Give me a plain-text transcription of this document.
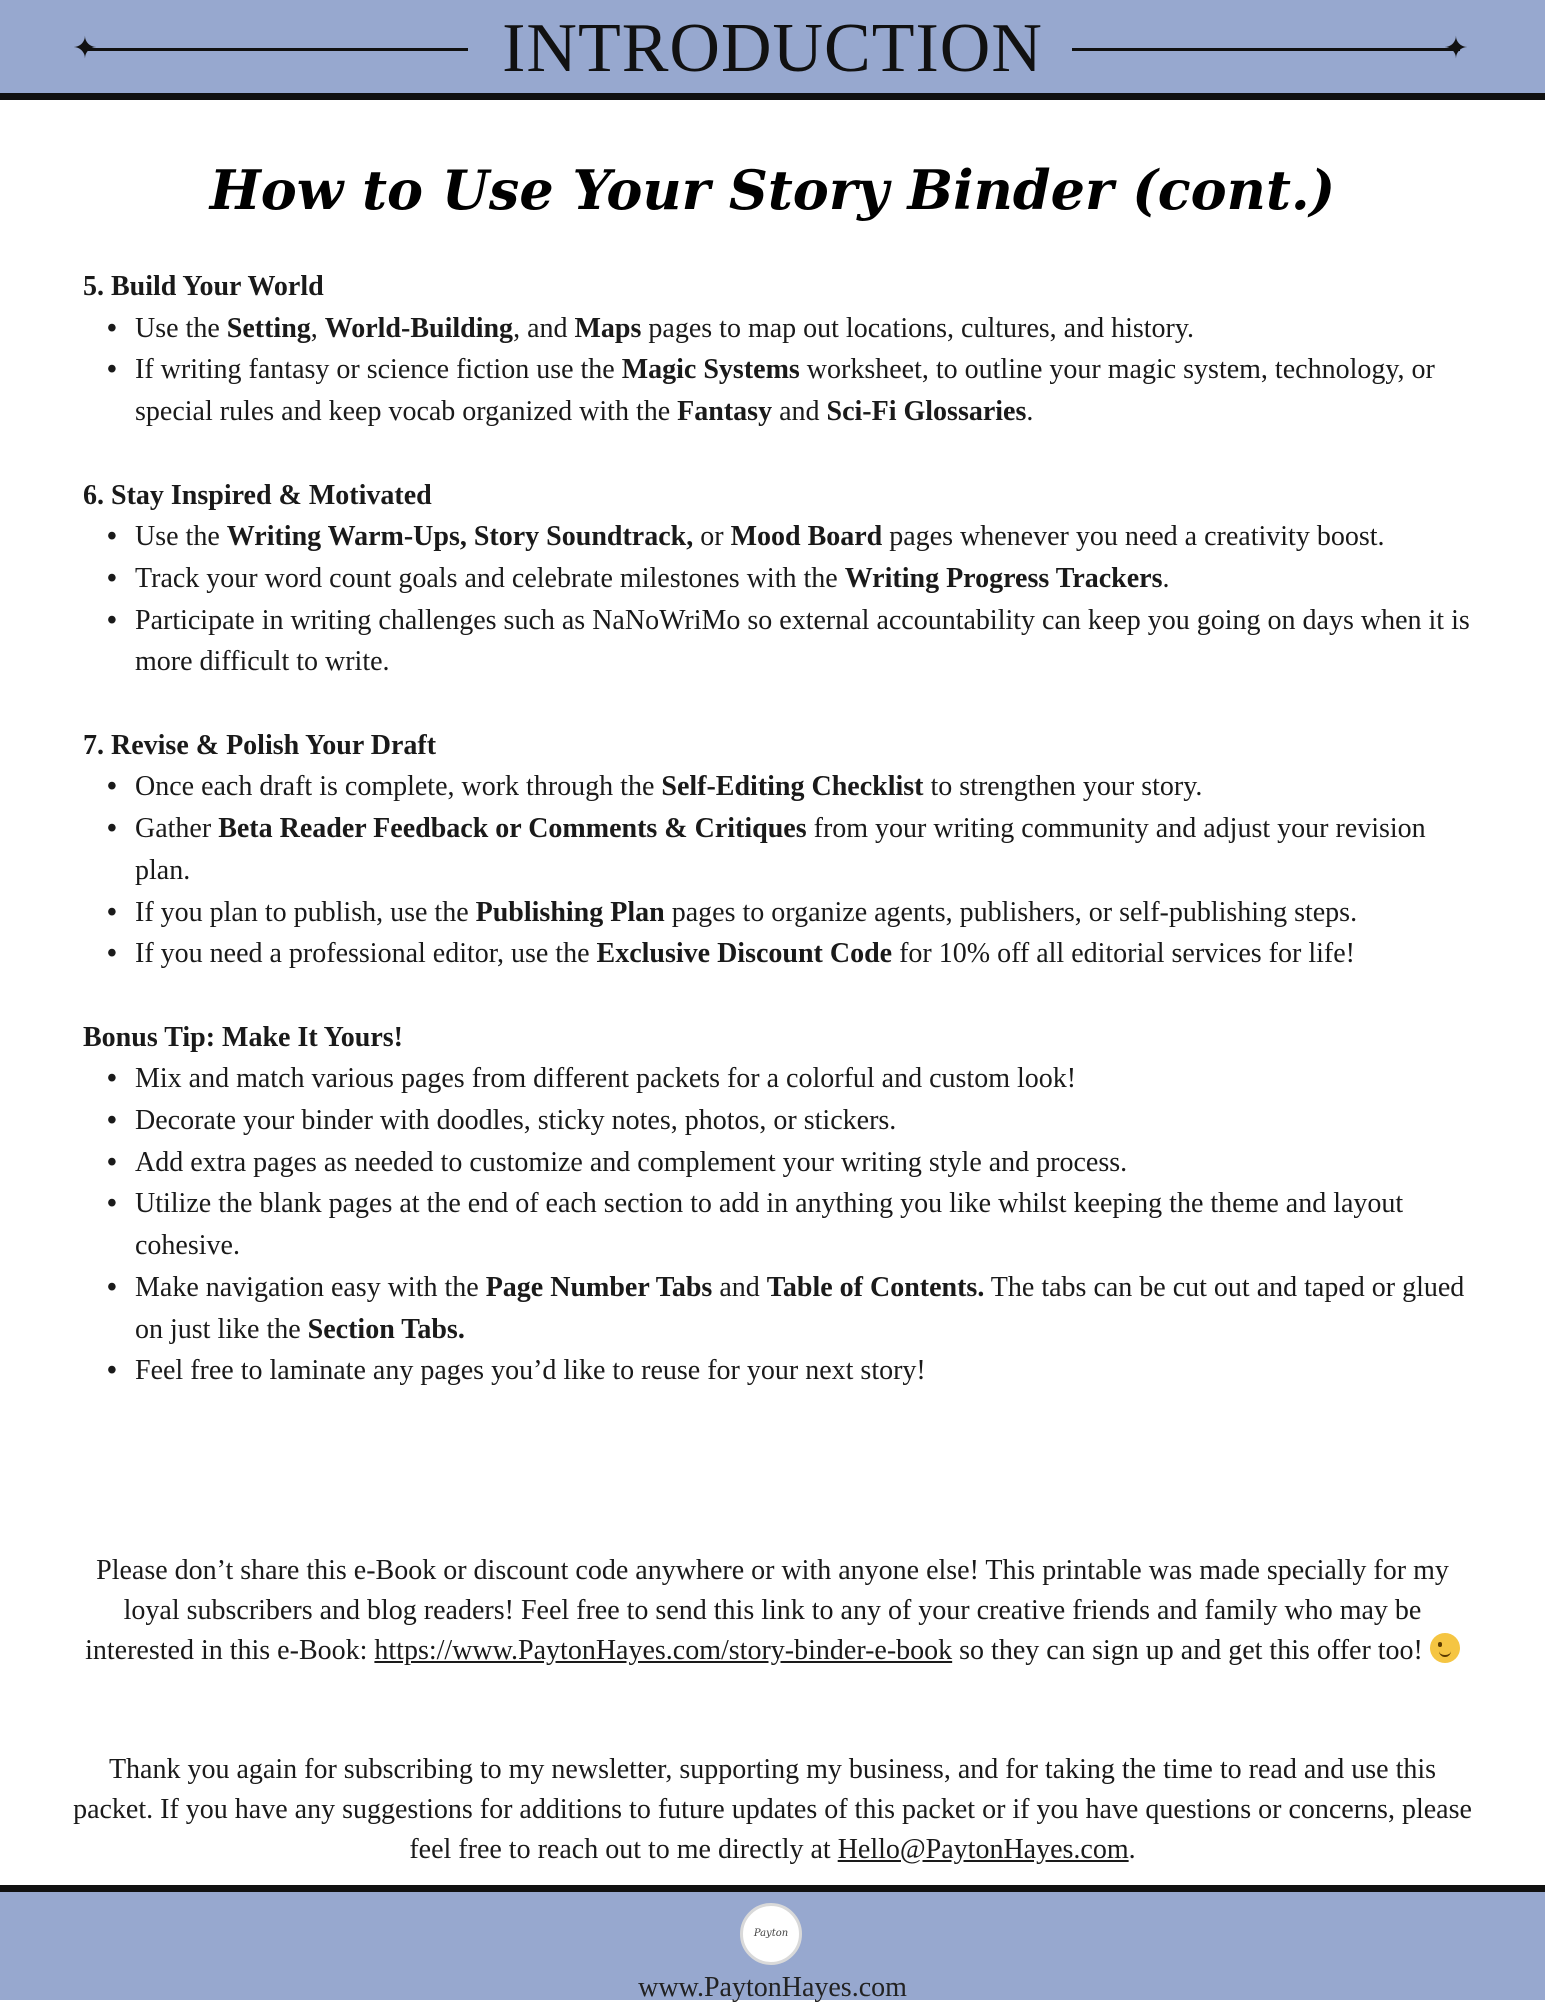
✦	✦
INTRODUCTION
How to Use Your Story Binder (cont.)
5. Build Your World
• Use the Setting, World-Building, and Maps pages to map out locations, cultures, and history.
• If writing fantasy or science fiction use the Magic Systems worksheet, to outline your magic system, technology, or special rules and keep vocab organized with the Fantasy and Sci-Fi Glossaries.
6. Stay Inspired & Motivated
• Use the Writing Warm-Ups, Story Soundtrack, or Mood Board pages whenever you need a creativity boost.
• Track your word count goals and celebrate milestones with the Writing Progress Trackers.
• Participate in writing challenges such as NaNoWriMo so external accountability can keep you going on days when it is more difficult to write.
7. Revise & Polish Your Draft
• Once each draft is complete, work through the Self-Editing Checklist to strengthen your story.
• Gather Beta Reader Feedback or Comments & Critiques from your writing community and adjust your revision plan.
• If you plan to publish, use the Publishing Plan pages to organize agents, publishers, or self-publishing steps.
• If you need a professional editor, use the Exclusive Discount Code for 10% off all editorial services for life!
Bonus Tip: Make It Yours!
• Mix and match various pages from different packets for a colorful and custom look!
• Decorate your binder with doodles, sticky notes, photos, or stickers.
• Add extra pages as needed to customize and complement your writing style and process.
• Utilize the blank pages at the end of each section to add in anything you like whilst keeping the theme and layout cohesive.
• Make navigation easy with the Page Number Tabs and Table of Contents. The tabs can be cut out and taped or glued on just like the Section Tabs.
• Feel free to laminate any pages you’d like to reuse for your next story!
Please don’t share this e-Book or discount code anywhere or with anyone else! This printable was made specially for my loyal subscribers and blog readers! Feel free to send this link to any of your creative friends and family who may be interested in this e-Book: https://www.PaytonHayes.com/story-binder-e-book so they can sign up and get this offer too!
Thank you again for subscribing to my newsletter, supporting my business, and for taking the time to read and use this packet. If you have any suggestions for additions to future updates of this packet or if you have questions or concerns, please feel free to reach out to me directly at Hello@PaytonHayes.com.
Payton
www.PaytonHayes.com
